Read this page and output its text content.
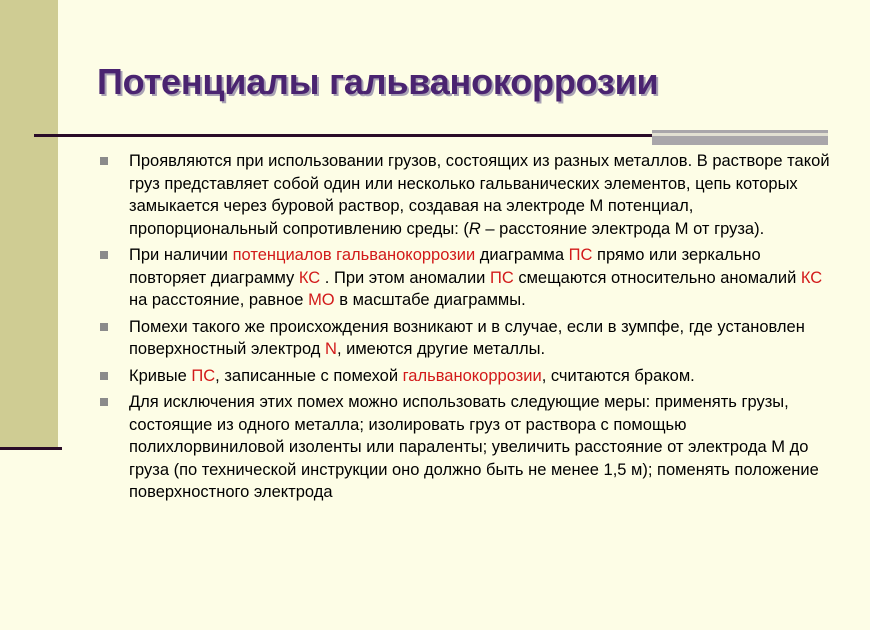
Потенциалы гальванокоррозии
Проявляются при использовании грузов, состоящих из разных металлов. В растворе такой груз представляет собой один или несколько гальванических элементов, цепь которых замыкается через буровой раствор, создавая на электроде М потенциал, пропорциональный сопротивлению среды: (R – расстояние электрода М от груза).
При наличии потенциалов гальванокоррозии диаграмма ПС прямо или зеркально повторяет диаграмму КС . При этом аномалии ПС смещаются относительно аномалий КС на расстояние, равное МО в масштабе диаграммы.
Помехи такого же происхождения возникают и в случае, если в зумпфе, где установлен поверхностный электрод N, имеются другие металлы.
Кривые ПС, записанные с помехой гальванокоррозии, считаются браком.
Для исключения этих помех можно использовать следующие меры: применять грузы, состоящие из одного металла; изолировать груз от раствора с помощью полихлорвиниловой изоленты или параленты; увеличить расстояние от электрода М до груза (по технической инструкции оно должно быть не менее 1,5 м); поменять положение поверхностного электрода
